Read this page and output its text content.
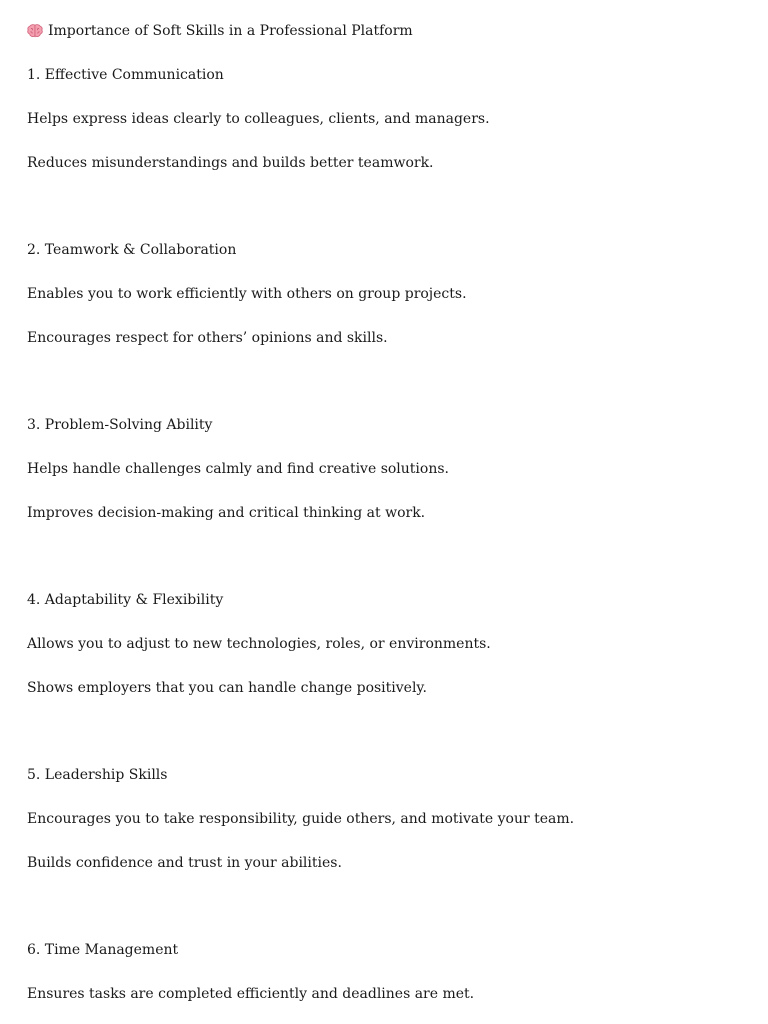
Importance of Soft Skills in a Professional Platform
1. Effective Communication
Helps express ideas clearly to colleagues, clients, and managers.
Reduces misunderstandings and builds better teamwork.
2. Teamwork & Collaboration
Enables you to work efficiently with others on group projects.
Encourages respect for others’ opinions and skills.
3. Problem-Solving Ability
Helps handle challenges calmly and find creative solutions.
Improves decision-making and critical thinking at work.
4. Adaptability & Flexibility
Allows you to adjust to new technologies, roles, or environments.
Shows employers that you can handle change positively.
5. Leadership Skills
Encourages you to take responsibility, guide others, and motivate your team.
Builds confidence and trust in your abilities.
6. Time Management
Ensures tasks are completed efficiently and deadlines are met.
